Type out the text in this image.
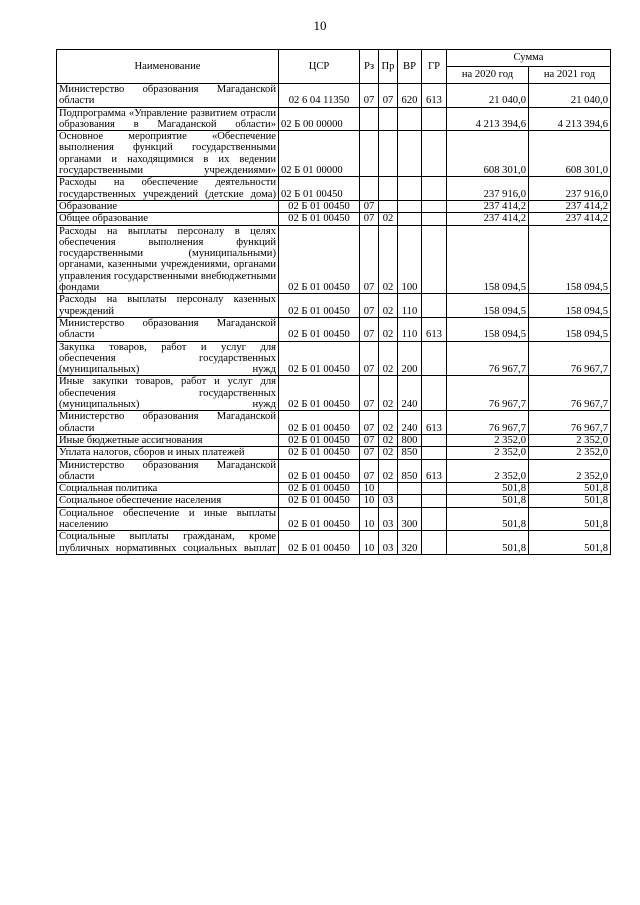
10
Наименование	ЦСР	Рз	Пр	ВР	ГР	Сумма	
						на 2020 год	на 2021 год
Министерство образования Магаданской области	02 6 04 11350	07	07	620	613	21 040,0	21 040,0
Подпрограмма «Управление развитием отрасли образования в Магаданской области»	02 Б 00 00000					4 213 394,6	4 213 394,6
Основное мероприятие «Обеспечение выполнения функций государственными органами и находящимися в их ведении государственными учреждениями»	02 Б 01 00000					608 301,0	608 301,0
Расходы на обеспечение деятельности государственных учреждений (детские дома)	02 Б 01 00450					237 916,0	237 916,0
Образование	02 Б 01 00450	07				237 414,2	237 414,2
Общее образование	02 Б 01 00450	07	02			237 414,2	237 414,2
Расходы на выплаты персоналу в целях обеспечения выполнения функций государственными (муниципальными) органами, казенными учреждениями, органами управления государственными внебюджетными фондами	02 Б 01 00450	07	02	100		158 094,5	158 094,5
Расходы на выплаты персоналу казенных учреждений	02 Б 01 00450	07	02	110		158 094,5	158 094,5
Министерство образования Магаданской области	02 Б 01 00450	07	02	110	613	158 094,5	158 094,5
Закупка товаров, работ и услуг для обеспечения государственных (муниципальных) нужд	02 Б 01 00450	07	02	200		76 967,7	76 967,7
Иные закупки товаров, работ и услуг для обеспечения государственных (муниципальных) нужд	02 Б 01 00450	07	02	240		76 967,7	76 967,7
Министерство образования Магаданской области	02 Б 01 00450	07	02	240	613	76 967,7	76 967,7
Иные бюджетные ассигнования	02 Б 01 00450	07	02	800		2 352,0	2 352,0
Уплата налогов, сборов и иных платежей	02 Б 01 00450	07	02	850		2 352,0	2 352,0
Министерство образования Магаданской области	02 Б 01 00450	07	02	850	613	2 352,0	2 352,0
Социальная политика	02 Б 01 00450	10				501,8	501,8
Социальное обеспечение населения	02 Б 01 00450	10	03			501,8	501,8
Социальное обеспечение и иные выплаты населению	02 Б 01 00450	10	03	300		501,8	501,8
Социальные выплаты гражданам, кроме публичных нормативных социальных выплат	02 Б 01 00450	10	03	320		501,8	501,8
